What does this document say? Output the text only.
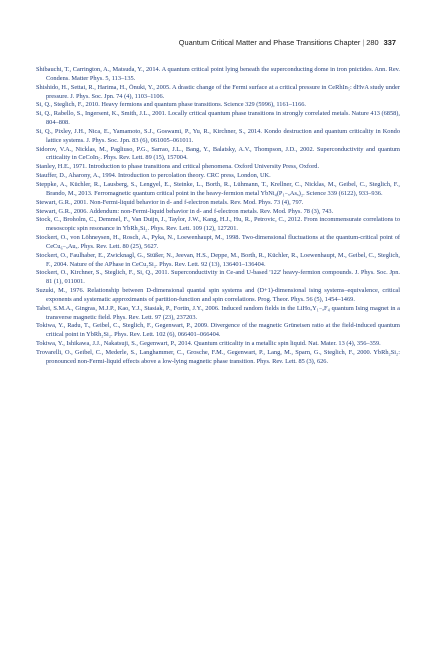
Quantum Critical Matter and Phase Transitions Chapter | 280 337

Shibauchi, T., Carrington, A., Matsuda, Y., 2014. A quantum critical point lying beneath the superconducting dome in iron pnictides. Ann. Rev. Condens. Matter Phys. 5, 113–135.

Shishido, H., Settai, R., Harima, H., Ōnuki, Y., 2005. A drastic change of the Fermi surface at a critical pressure in CeRhIn₅: dHvA study under pressure. J. Phys. Soc. Jpn. 74 (4), 1103–1106.

Si, Q., Steglich, F., 2010. Heavy fermions and quantum phase transitions. Science 329 (5996), 1161–1166.

Si, Q., Rabello, S., Ingersent, K., Smith, J.L., 2001. Locally critical quantum phase transitions in strongly correlated metals. Nature 413 (6858), 804–808.

Si, Q., Pixley, J.H., Nica, E., Yamamoto, S.J., Goswami, P., Yu, R., Kirchner, S., 2014. Kondo destruction and quantum criticality in Kondo lattice systems. J. Phys. Soc. Jpn. 83 (6), 061005–061011.

Sidorov, V.A., Nicklas, M., Pagliuso, P.G., Sarrao, J.L., Bang, Y., Balatsky, A.V., Thompson, J.D., 2002. Superconductivity and quantum criticality in CeCoIn₅. Phys. Rev. Lett. 89 (15), 157004.

Stanley, H.E., 1971. Introduction to phase transitions and critical phenomena. Oxford University Press, Oxford.

Stauffer, D., Aharony, A., 1994. Introduction to percolation theory. CRC press, London, UK.

Steppke, A., Küchler, R., Lausberg, S., Lengyel, E., Steinke, L., Borth, R., Lühmann, T., Krellner, C., Nicklas, M., Geibel, C., Steglich, F., Brando, M., 2013. Ferromagnetic quantum critical point in the heavy-fermion metal YbNi₄(P₁₋ₓAsₓ)₂. Science 339 (6122), 933–936.

Stewart, G.R., 2001. Non-Fermi-liquid behavior in d- and f-electron metals. Rev. Mod. Phys. 73 (4), 797.

Stewart, G.R., 2006. Addendum: non-Fermi-liquid behavior in d- and f-electron metals. Rev. Mod. Phys. 78 (3), 743.

Stock, C., Broholm, C., Demmel, F., Van Duijn, J., Taylor, J.W., Kang, H.J., Hu, R., Petrovic, C., 2012. From incommensurate correlations to mesoscopic spin resonance in YbRh₂Si₂. Phys. Rev. Lett. 109 (12), 127201.

Stockert, O., von Löhneysen, H., Rosch, A., Pyka, N., Loewenhaupt, M., 1998. Two-dimensional fluctuations at the quantum-critical point of CeCu₆₋ₓAuₓ. Phys. Rev. Lett. 80 (25), 5627.

Stockert, O., Faulhaber, E., Zwicknagl, G., Stüßer, N., Jeevan, H.S., Deppe, M., Borth, R., Küchler, R., Loewenhaupt, M., Geibel, C., Steglich, F., 2004. Nature of the APhase in CeCu₂Si₂. Phys. Rev. Lett. 92 (13), 136401–136404.

Stockert, O., Kirchner, S., Steglich, F., Si, Q., 2011. Superconductivity in Ce-and U-based '122' heavy-fermion compounds. J. Phys. Soc. Jpn. 81 (1), 011001.

Suzuki, M., 1976. Relationship between D-dimensional quantal spin systems and (D+1)-dimensional ising systems–equivalence, critical exponents and systematic approximants of partition-function and spin correlations. Prog. Theor. Phys. 56 (5), 1454–1469.

Tabei, S.M.A., Gingras, M.J.P., Kao, Y.J., Stasiak, P., Fortin, J.Y., 2006. Induced random fields in the LiHoₓY₁₋ₓF₄ quantum Ising magnet in a transverse magnetic field. Phys. Rev. Lett. 97 (23), 237203.

Tokiwa, Y., Radu, T., Geibel, C., Steglich, F., Gegenwart, P., 2009. Divergence of the magnetic Grüneisen ratio at the field-induced quantum critical point in YbRh₂Si₂. Phys. Rev. Lett. 102 (6), 066401–066404.

Tokiwa, Y., Ishikawa, J.J., Nakatsuji, S., Gegenwart, P., 2014. Quantum criticality in a metallic spin liquid. Nat. Mater. 13 (4), 356–359.

Trovarelli, O., Geibel, C., Mederle, S., Langhammer, C., Grosche, F.M., Gegenwart, P., Lang, M., Sparn, G., Steglich, F., 2000. YbRh₂Si₂: pronounced non-Fermi-liquid effects above a low-lying magnetic phase transition. Phys. Rev. Lett. 85 (3), 626.
